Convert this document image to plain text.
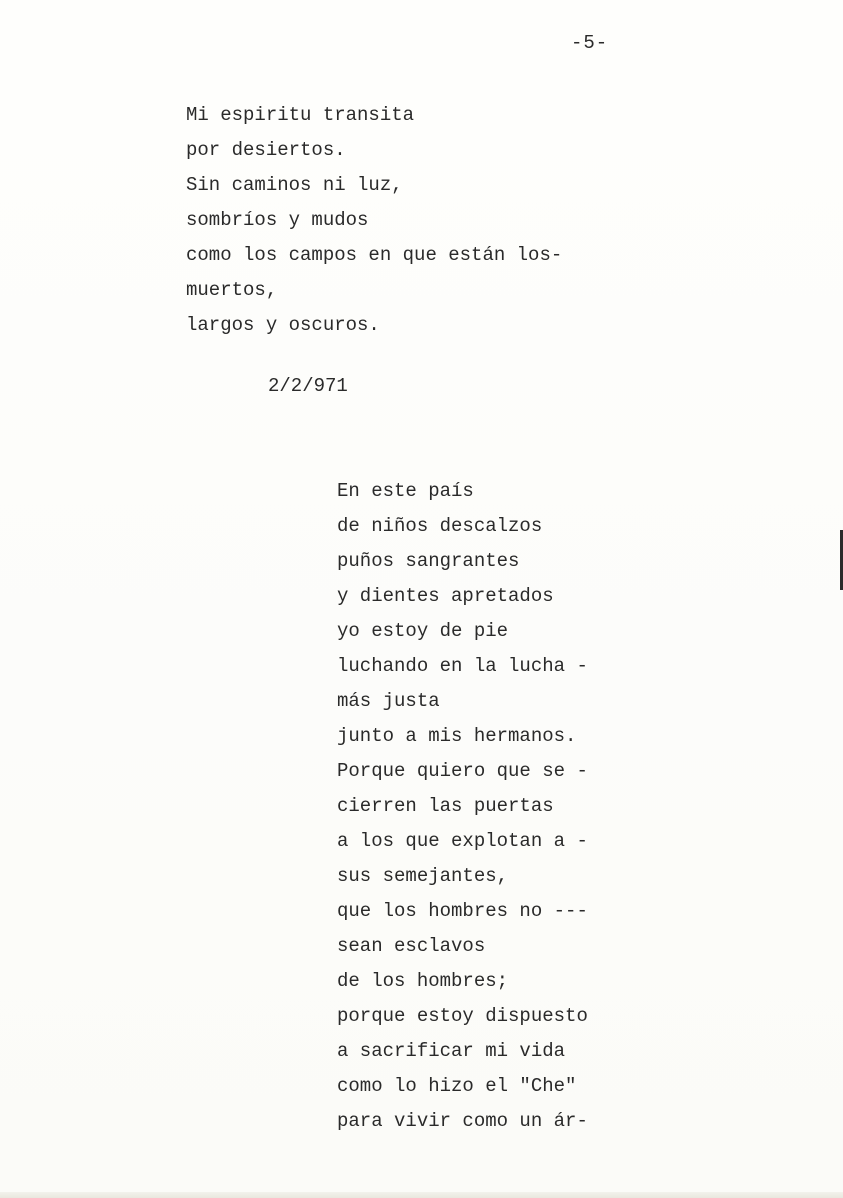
-5-
Mi espiritu transita
por desiertos.
Sin caminos ni luz,
sombríos y mudos
como los campos en que están los-
muertos,
largos y oscuros.
2/2/971
En este país
de niños descalzos
puños sangrantes
y dientes apretados
yo estoy de pie
luchando en la lucha -
más justa
junto a mis hermanos.
Porque quiero que se -
cierren las puertas
a los que explotan a -
sus semejantes,
que los hombres no ---
sean esclavos
de los hombres;
porque estoy dispuesto
a sacrificar mi vida
como lo hizo el "Che"
para vivir como un ár-
